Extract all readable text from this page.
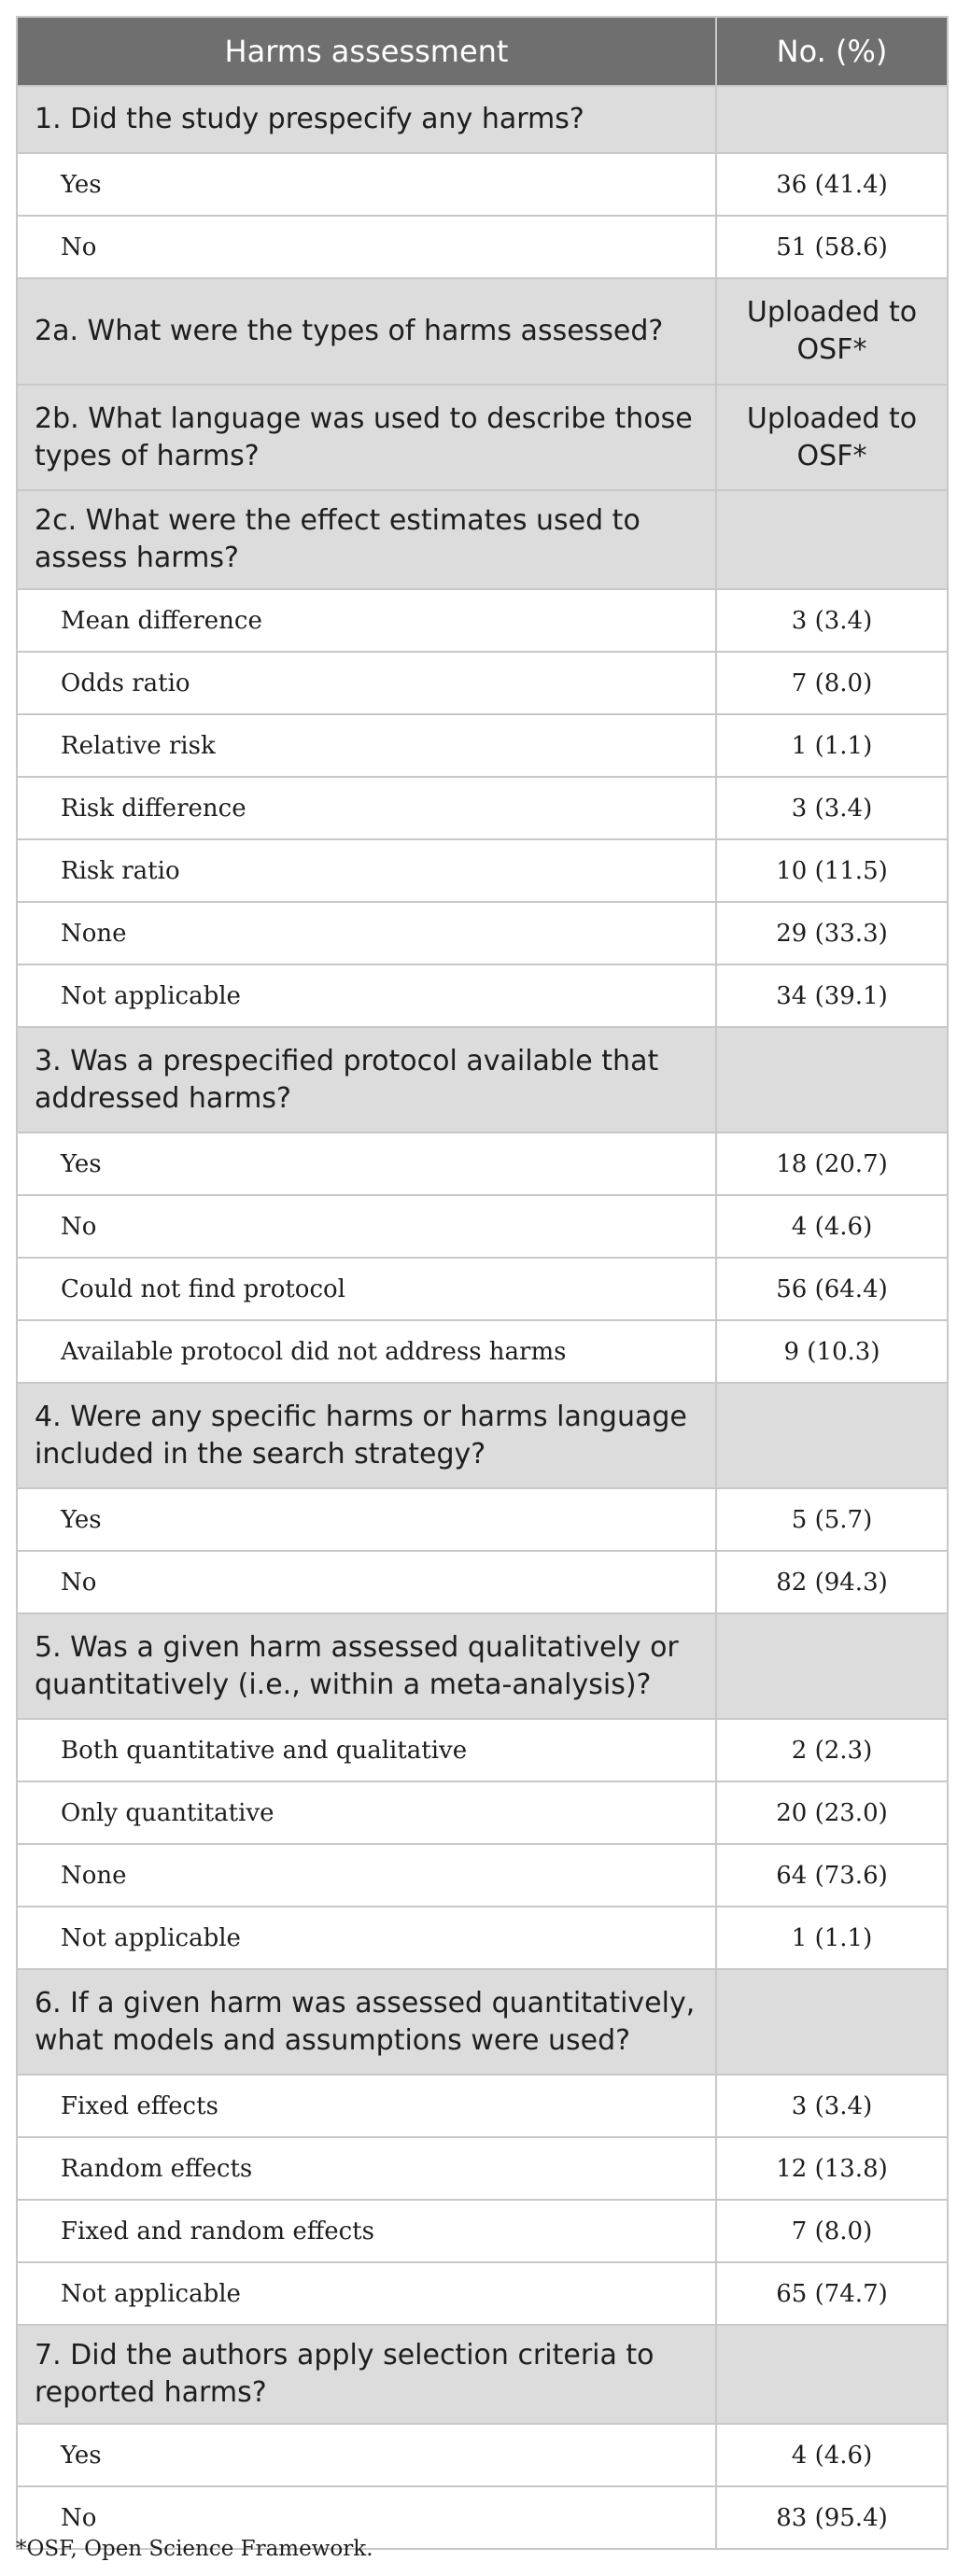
Harms assessment	No. (%)
1. Did the study prespecify any harms?	
Yes	36 (41.4)
No	51 (58.6)
2a. What were the types of harms assessed?	Uploaded to OSF*
2b. What language was used to describe those types of harms?	Uploaded to OSF*
2c. What were the effect estimates used to assess harms?	
Mean difference	3 (3.4)
Odds ratio	7 (8.0)
Relative risk	1 (1.1)
Risk difference	3 (3.4)
Risk ratio	10 (11.5)
None	29 (33.3)
Not applicable	34 (39.1)
3. Was a prespecified protocol available that addressed harms?	
Yes	18 (20.7)
No	4 (4.6)
Could not find protocol	56 (64.4)
Available protocol did not address harms	9 (10.3)
4. Were any specific harms or harms language included in the search strategy?	
Yes	5 (5.7)
No	82 (94.3)
5. Was a given harm assessed qualitatively or quantitatively (i.e., within a meta-analysis)?	
Both quantitative and qualitative	2 (2.3)
Only quantitative	20 (23.0)
None	64 (73.6)
Not applicable	1 (1.1)
6. If a given harm was assessed quantitatively, what models and assumptions were used?	
Fixed effects	3 (3.4)
Random effects	12 (13.8)
Fixed and random effects	7 (8.0)
Not applicable	65 (74.7)
7. Did the authors apply selection criteria to reported harms?	
Yes	4 (4.6)
No	83 (95.4)
*OSF, Open Science Framework.
